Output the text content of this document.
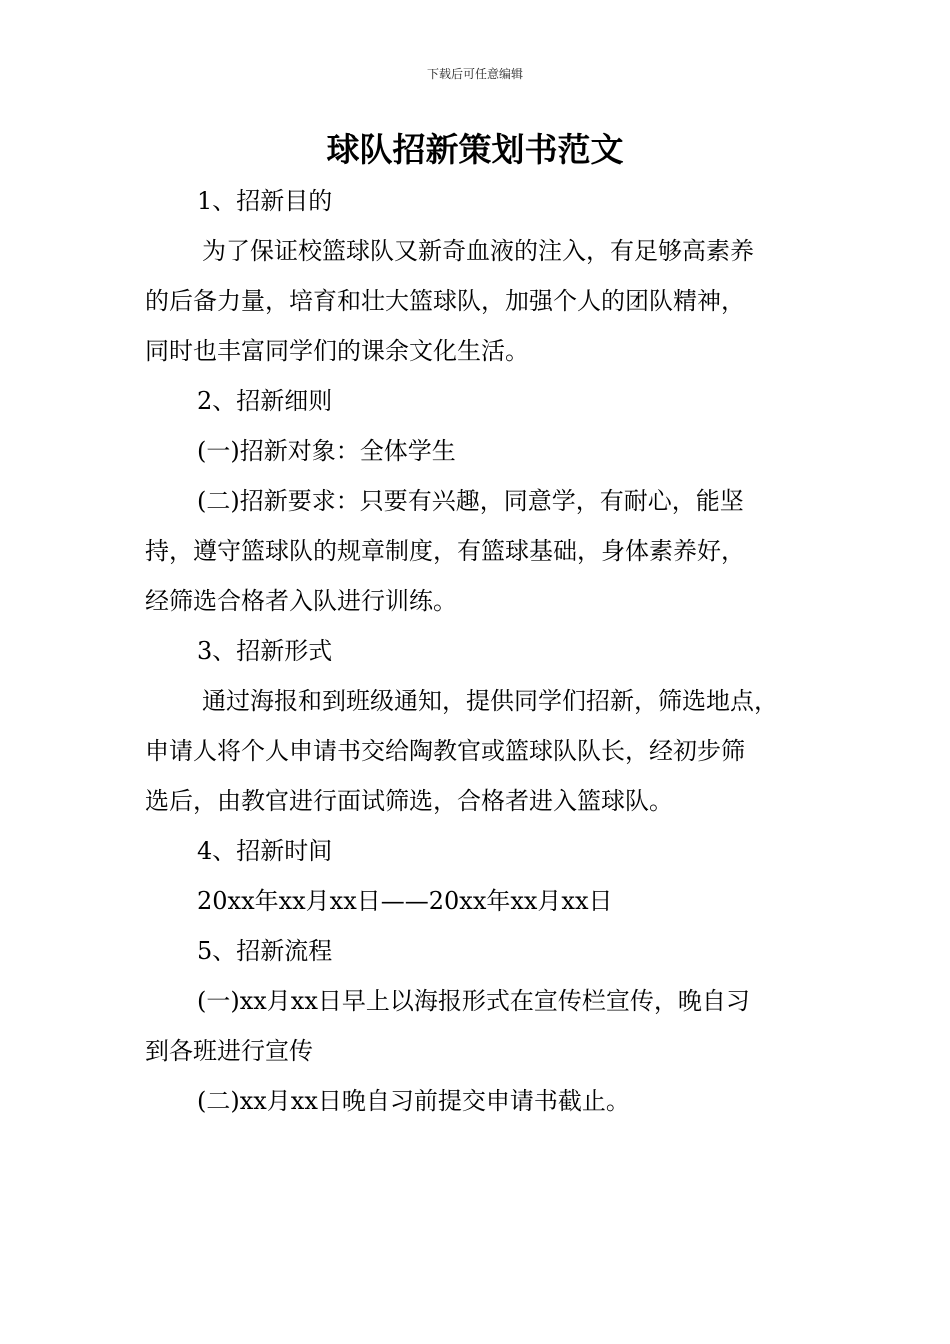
下载后可任意编辑
球队招新策划书范文

1、招新目的

为了保证校篮球队又新奇血液的注入，有足够高素养

的后备力量，培育和壮大篮球队，加强个人的团队精神，

同时也丰富同学们的课余文化生活。

2、招新细则

(一)招新对象：全体学生

(二)招新要求：只要有兴趣，同意学，有耐心，能坚

持，遵守篮球队的规章制度，有篮球基础，身体素养好，

经筛选合格者入队进行训练。

3、招新形式

通过海报和到班级通知，提供同学们招新，筛选地点，

申请人将个人申请书交给陶教官或篮球队队长，经初步筛

选后，由教官进行面试筛选，合格者进入篮球队。

4、招新时间

20xx年xx月xx日——20xx年xx月xx日

5、招新流程

(一)xx月xx日早上以海报形式在宣传栏宣传，晚自习

到各班进行宣传

(二)xx月xx日晚自习前提交申请书截止。
